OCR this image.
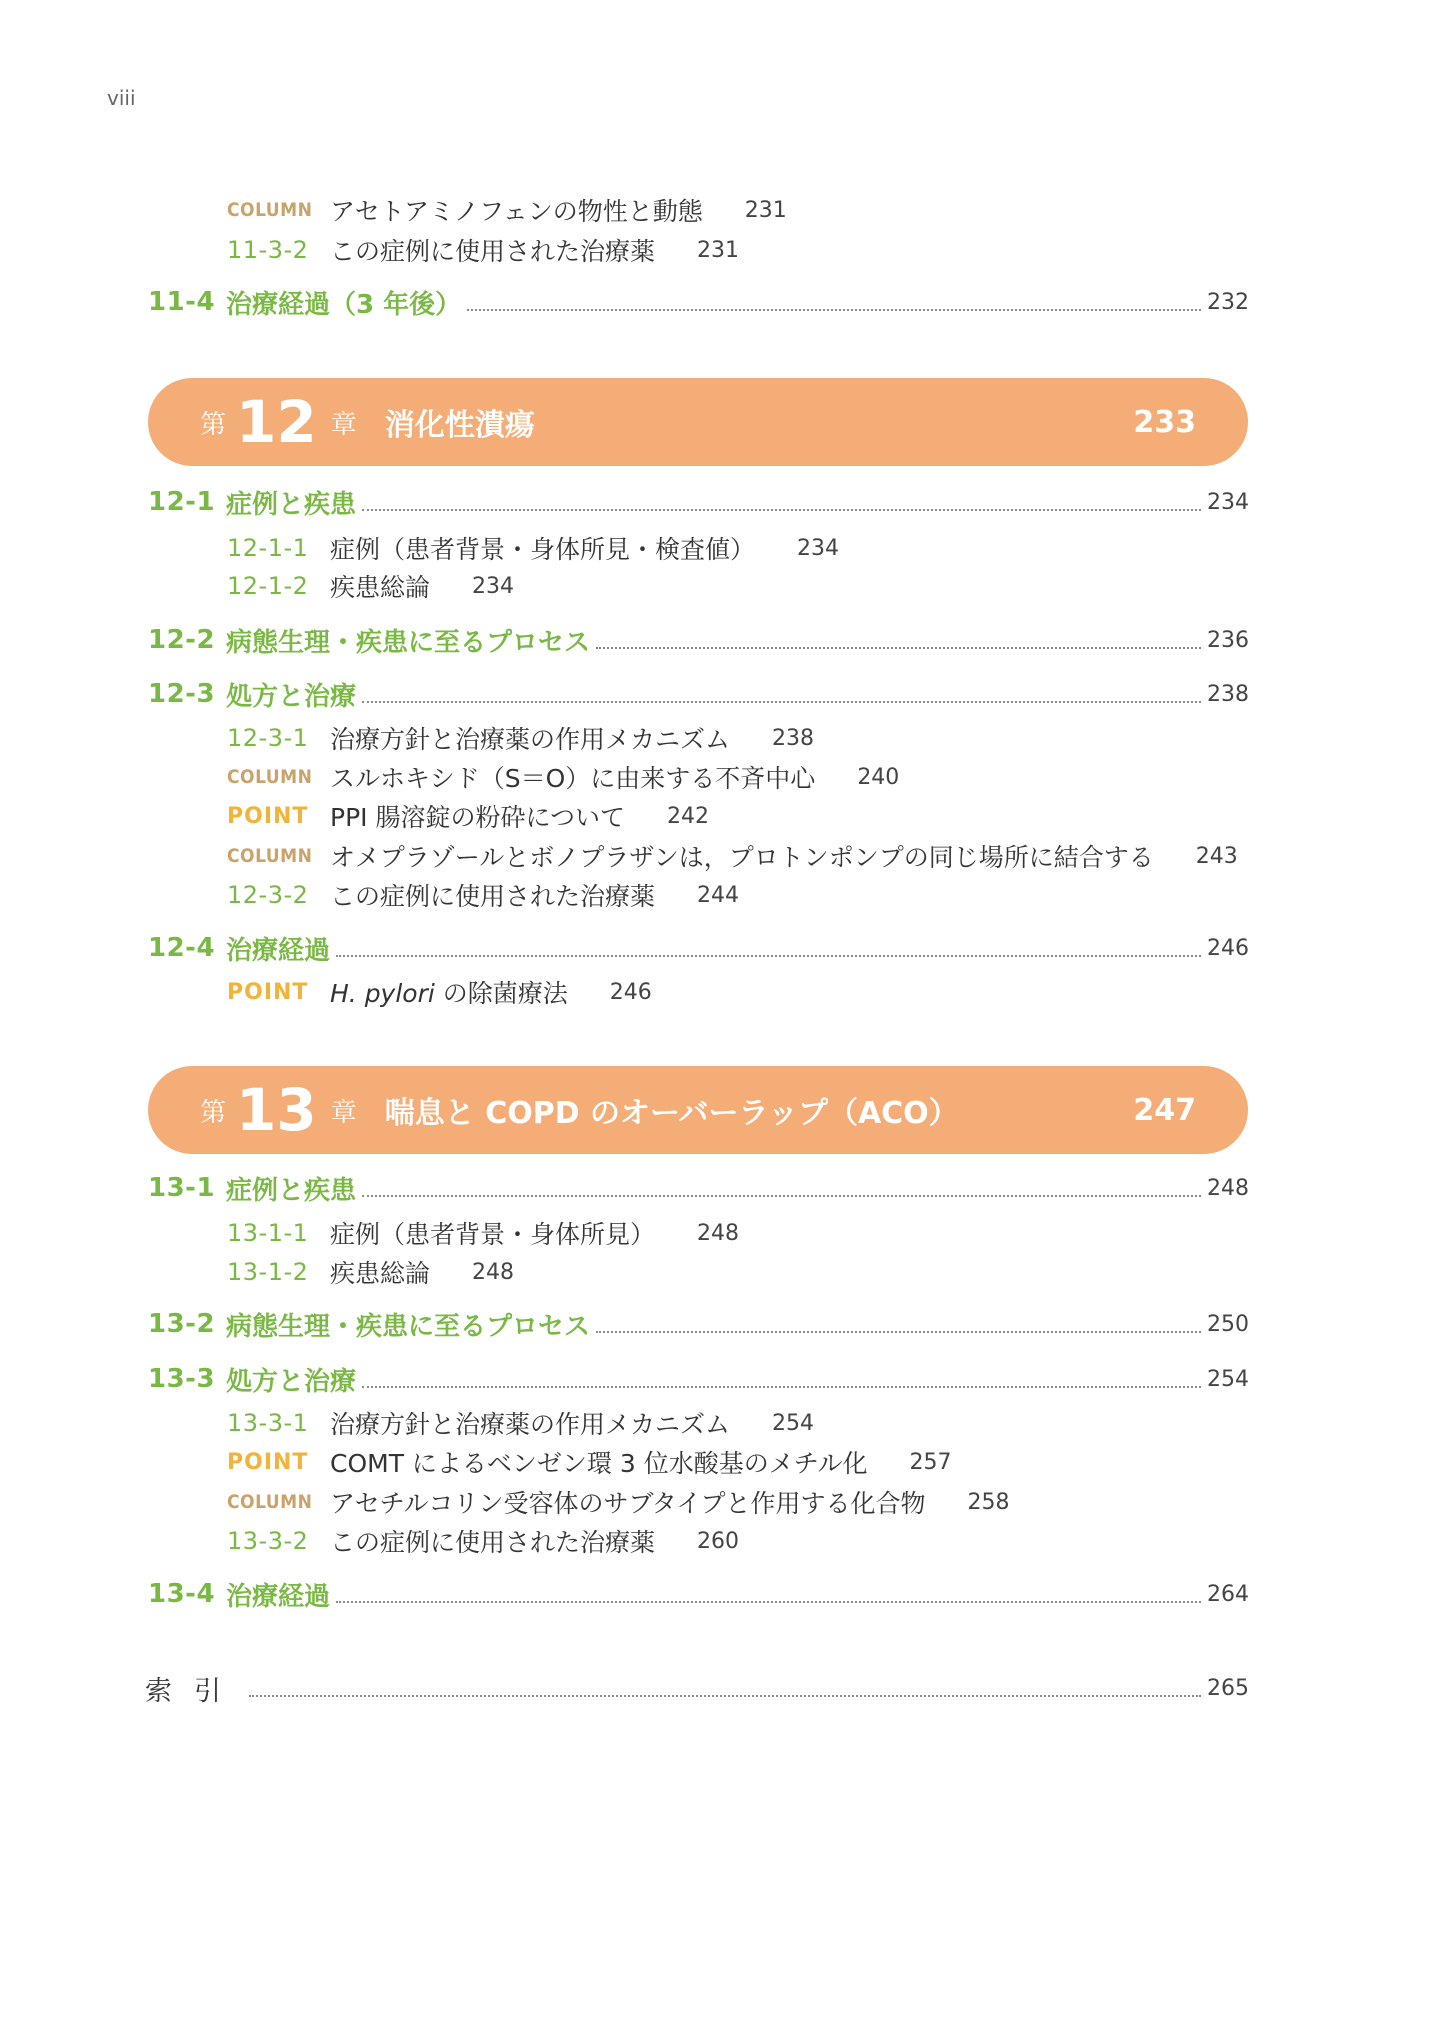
viii
COLUMN アセトアミノフェンの物性と動態 231
11-3-2 この症例に使用された治療薬 231
11-4 治療経過（3 年後）	232
第 12 章 消化性潰瘍	233
12-1 症例と疾患	234
12-1-1 症例（患者背景・身体所見・検査値） 234
12-1-2 疾患総論 234
12-2 病態生理・疾患に至るプロセス	236
12-3 処方と治療	238
12-3-1 治療方針と治療薬の作用メカニズム 238
COLUMN スルホキシド（S＝O）に由来する不斉中心 240
POINT PPI 腸溶錠の粉砕について 242
COLUMN オメプラゾールとボノプラザンは，プロトンポンプの同じ場所に結合する 243
12-3-2 この症例に使用された治療薬 244
12-4 治療経過	246
POINT H. pylori の除菌療法 246
第 13 章 喘息と COPD のオーバーラップ（ACO）	247
13-1 症例と疾患	248
13-1-1 症例（患者背景・身体所見） 248
13-1-2 疾患総論 248
13-2 病態生理・疾患に至るプロセス	250
13-3 処方と治療	254
13-3-1 治療方針と治療薬の作用メカニズム 254
POINT COMT によるベンゼン環 3 位水酸基のメチル化 257
COLUMN アセチルコリン受容体のサブタイプと作用する化合物 258
13-3-2 この症例に使用された治療薬 260
13-4 治療経過	264
索引	265
